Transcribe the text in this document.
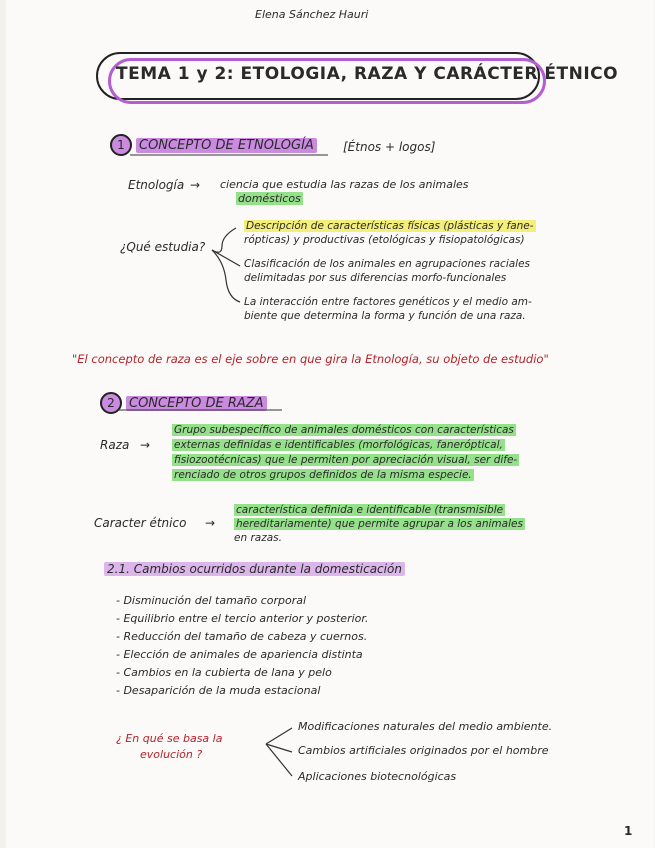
Elena Sánchez Hauri
TEMA 1 y 2: ETOLOGIA, RAZA Y CARÁCTER ÉTNICO
1 CONCEPTO DE ETNOLOGÍA [Étnos + logos]
Etnología → ciencia que estudia las razas de los animales
domésticos
¿Qué estudia?
Descripción de características físicas (plásticas y fane-
rópticas) y productivas (etológicas y fisiopatológicas)
Clasificación de los animales en agrupaciones raciales
delimitadas por sus diferencias morfo-funcionales
La interacción entre factores genéticos y el medio am-
biente que determina la forma y función de una raza.
"El concepto de raza es el eje sobre en que gira la Etnología, su objeto de estudio"
2 CONCEPTO DE RAZA
Raza →
Grupo subespecífico de animales domésticos con características
externas definidas e identificables (morfológicas, faneróptical,
fisiozootécnicas) que le permiten por apreciación visual, ser dife-
renciado de otros grupos definidos de la misma especie.
Caracter étnico →
característica definida e identificable (transmisible
hereditariamente) que permite agrupar a los animales
en razas.
2.1. Cambios ocurridos durante la domesticación
- Disminución del tamaño corporal
- Equilibrio entre el tercio anterior y posterior.
- Reducción del tamaño de cabeza y cuernos.
- Elección de animales de apariencia distinta
- Cambios en la cubierta de lana y pelo
- Desaparición de la muda estacional
¿ En qué se basa la
evolución ?
Modificaciones naturales del medio ambiente.
Cambios artificiales originados por el hombre
Aplicaciones biotecnológicas
1
